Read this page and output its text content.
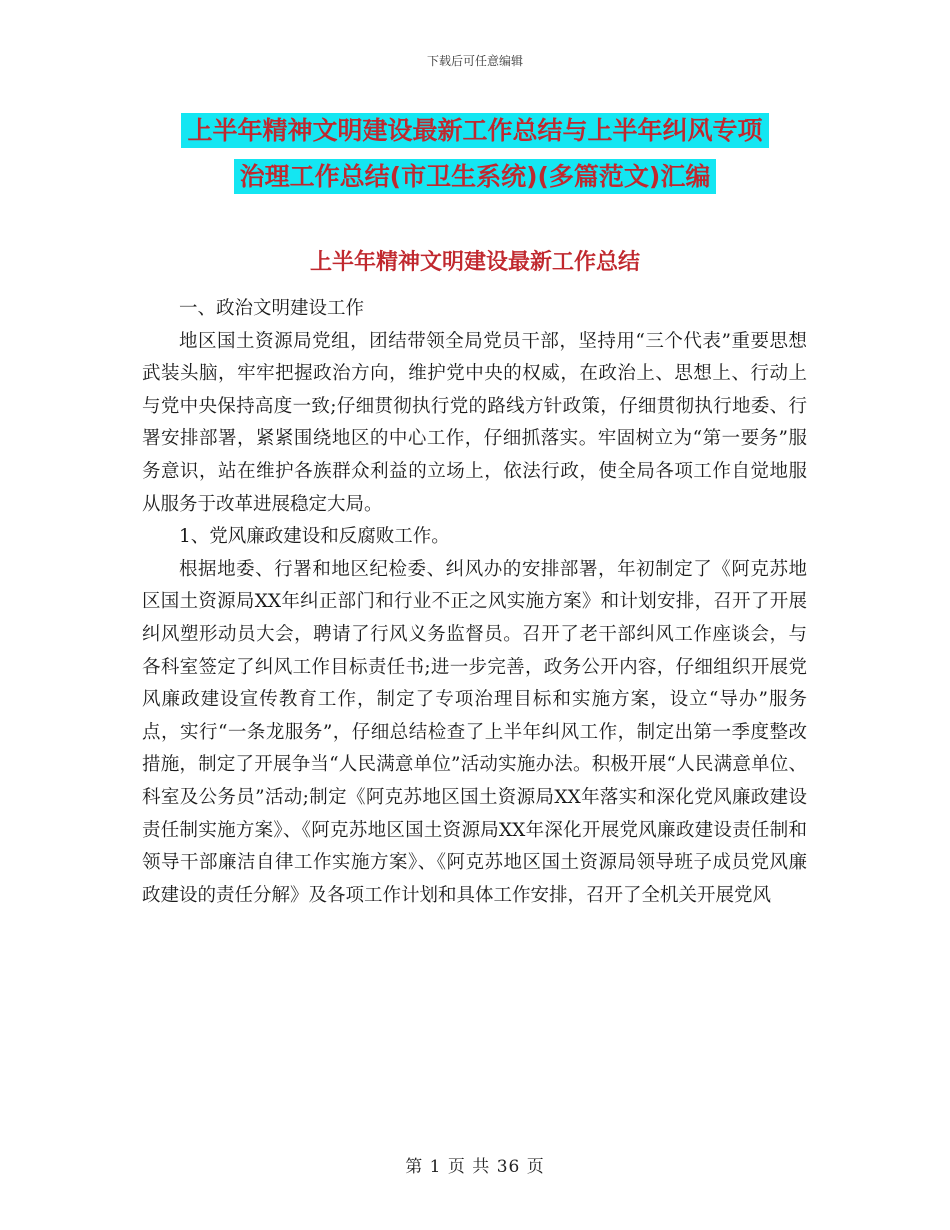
下载后可任意编辑
上半年精神文明建设最新工作总结与上半年纠风专项
治理工作总结(市卫生系统)(多篇范文)汇编
上半年精神文明建设最新工作总结

一、政治文明建设工作

地区国土资源局党组，团结带领全局党员干部，坚持用“三个代表”重要思想武装头脑，牢牢把握政治方向，维护党中央的权威，在政治上、思想上、行动上与党中央保持高度一致;仔细贯彻执行党的路线方针政策，仔细贯彻执行地委、行署安排部署，紧紧围绕地区的中心工作，仔细抓落实。牢固树立为“第一要务”服务意识，站在维护各族群众利益的立场上，依法行政，使全局各项工作自觉地服从服务于改革进展稳定大局。

1、党风廉政建设和反腐败工作。

根据地委、行署和地区纪检委、纠风办的安排部署，年初制定了《阿克苏地区国土资源局XX年纠正部门和行业不正之风实施方案》和计划安排，召开了开展纠风塑形动员大会，聘请了行风义务监督员。召开了老干部纠风工作座谈会，与各科室签定了纠风工作目标责任书;进一步完善，政务公开内容，仔细组织开展党风廉政建设宣传教育工作，制定了专项治理目标和实施方案，设立“导办”服务点，实行“一条龙服务”，仔细总结检查了上半年纠风工作，制定出第一季度整改措施，制定了开展争当“人民满意单位”活动实施办法。积极开展“人民满意单位、科室及公务员”活动;制定《阿克苏地区国土资源局XX年落实和深化党风廉政建设责任制实施方案》、《阿克苏地区国土资源局XX年深化开展党风廉政建设责任制和领导干部廉洁自律工作实施方案》、《阿克苏地区国土资源局领导班子成员党风廉政建设的责任分解》及各项工作计划和具体工作安排，召开了全机关开展党风

第 1 页 共 36 页
